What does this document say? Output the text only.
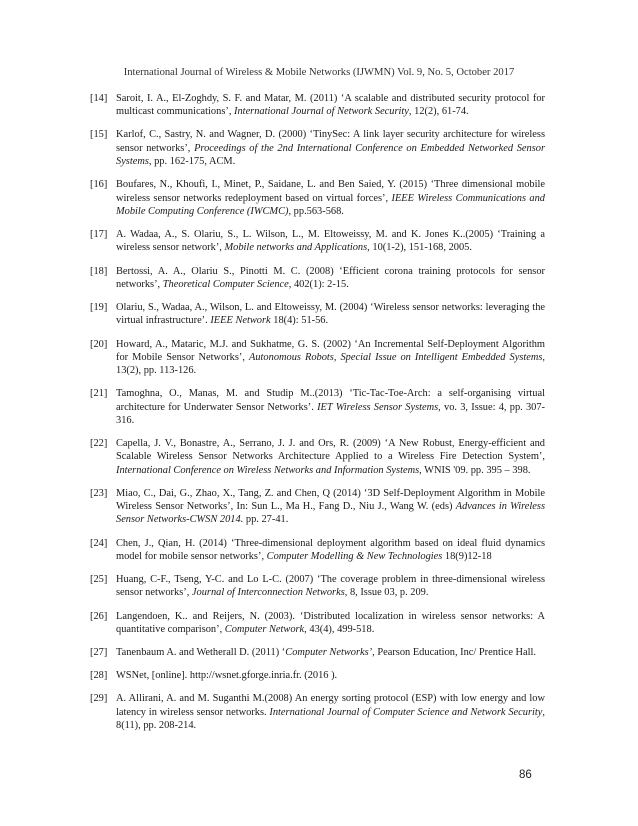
International Journal of Wireless & Mobile Networks (IJWMN) Vol. 9, No. 5, October 2017
[14] Saroit, I. A., El-Zoghdy, S. F. and Matar, M. (2011) ‘A scalable and distributed security protocol for multicast communications’, International Journal of Network Security, 12(2), 61-74.
[15] Karlof, C., Sastry, N. and Wagner, D. (2000) ‘TinySec: A link layer security architecture for wireless sensor networks’, Proceedings of the 2nd International Conference on Embedded Networked Sensor Systems, pp. 162-175, ACM.
[16] Boufares, N., Khoufi, I., Minet, P., Saidane, L. and Ben Saied, Y. (2015) ‘Three dimensional mobile wireless sensor networks redeployment based on virtual forces’, IEEE Wireless Communications and Mobile Computing Conference (IWCMC), pp.563-568.
[17] A. Wadaa, A., S. Olariu, S., L. Wilson, L., M. Eltoweissy, M. and K. Jones K..(2005) ‘Training a wireless sensor network’, Mobile networks and Applications, 10(1-2), 151-168, 2005.
[18] Bertossi, A. A., Olariu S., Pinotti M. C. (2008) ‘Efficient corona training protocols for sensor networks’, Theoretical Computer Science, 402(1): 2-15.
[19] Olariu, S., Wadaa, A., Wilson, L. and Eltoweissy, M. (2004) ‘Wireless sensor networks: leveraging the virtual infrastructure’. IEEE Network 18(4): 51-56.
[20] Howard, A., Mataric, M.J. and Sukhatme, G. S. (2002) ‘An Incremental Self-Deployment Algorithm for Mobile Sensor Networks’, Autonomous Robots, Special Issue on Intelligent Embedded Systems, 13(2), pp. 113-126.
[21] Tamoghna, O., Manas, M. and Studip M..(2013) ‘Tic-Tac-Toe-Arch: a self-organising virtual architecture for Underwater Sensor Networks’. IET Wireless Sensor Systems, vo. 3, Issue: 4, pp. 307-316.
[22] Capella, J. V., Bonastre, A., Serrano, J. J. and Ors, R. (2009) ‘A New Robust, Energy-efficient and Scalable Wireless Sensor Networks Architecture Applied to a Wireless Fire Detection System’, International Conference on Wireless Networks and Information Systems, WNIS '09. pp. 395 – 398.
[23] Miao, C., Dai, G., Zhao, X., Tang, Z. and Chen, Q (2014) ‘3D Self-Deployment Algorithm in Mobile Wireless Sensor Networks’, In: Sun L., Ma H., Fang D., Niu J., Wang W. (eds) Advances in Wireless Sensor Networks-CWSN 2014. pp. 27-41.
[24] Chen, J., Qian, H. (2014) ‘Three-dimensional deployment algorithm based on ideal fluid dynamics model for mobile sensor networks’, Computer Modelling & New Technologies 18(9)12-18
[25] Huang, C-F., Tseng, Y-C. and Lo L-C. (2007) ‘The coverage problem in three-dimensional wireless sensor networks’, Journal of Interconnection Networks, 8, Issue 03, p. 209.
[26] Langendoen, K.. and Reijers, N. (2003). ‘Distributed localization in wireless sensor networks: A quantitative comparison’, Computer Network, 43(4), 499-518.
[27] Tanenbaum A. and Wetherall D. (2011) ‘Computer Networks’, Pearson Education, Inc/ Prentice Hall.
[28] WSNet, [online]. http://wsnet.gforge.inria.fr. (2016 ).
[29] A. Allirani, A. and M. Suganthi M.(2008) An energy sorting protocol (ESP) with low energy and low latency in wireless sensor networks. International Journal of Computer Science and Network Security, 8(11), pp. 208-214.
86
